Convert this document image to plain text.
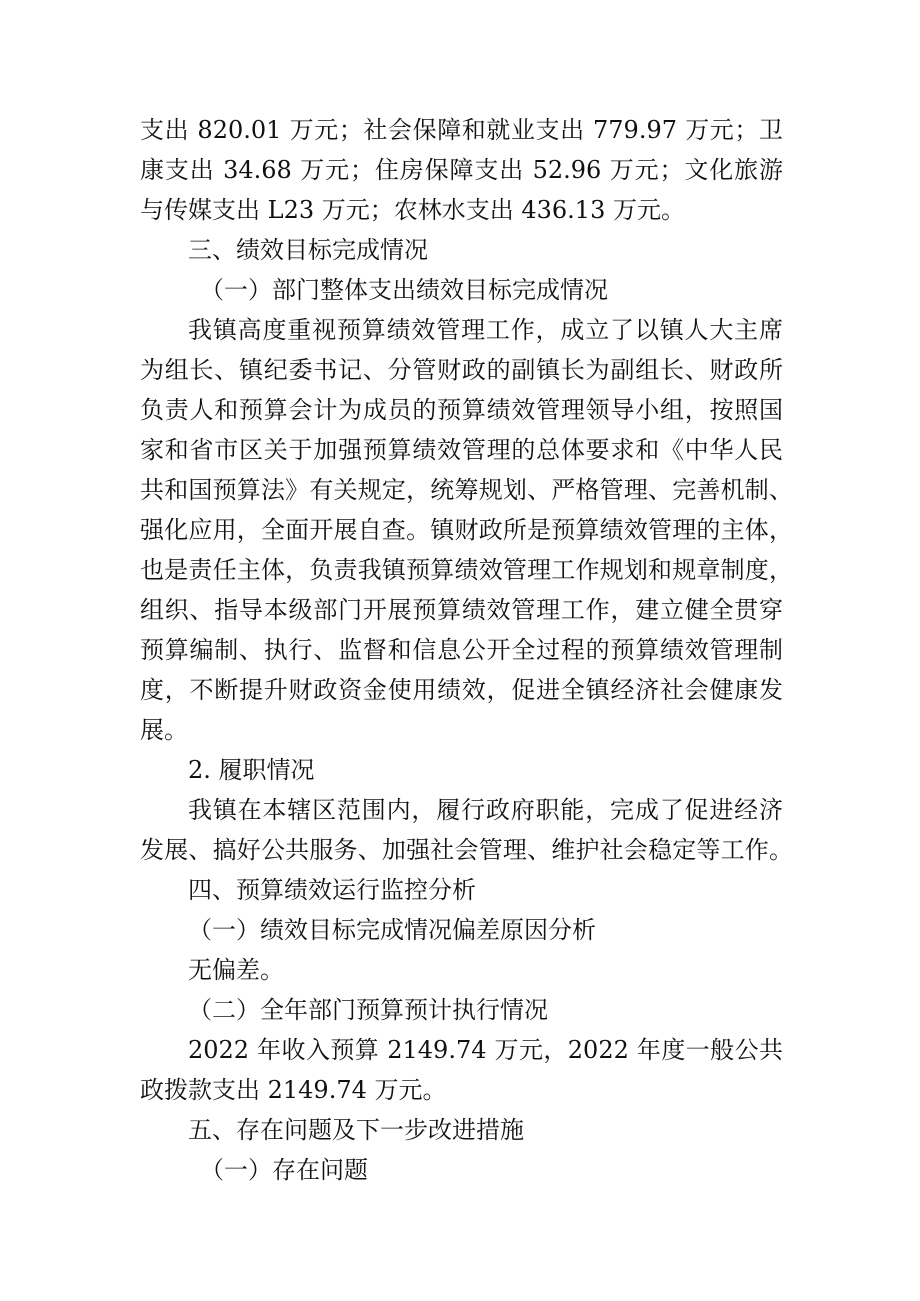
支出 820.01 万元；社会保障和就业支出 779.97 万元；卫
康支出 34.68 万元；住房保障支出 52.96 万元；文化旅游
与传媒支出 L23 万元；农林水支出 436.13 万元。
三、绩效目标完成情况
（一）部门整体支出绩效目标完成情况
我镇高度重视预算绩效管理工作，成立了以镇人大主席
为组长、镇纪委书记、分管财政的副镇长为副组长、财政所
负责人和预算会计为成员的预算绩效管理领导小组，按照国
家和省市区关于加强预算绩效管理的总体要求和《中华人民
共和国预算法》有关规定，统筹规划、严格管理、完善机制、
强化应用，全面开展自查。镇财政所是预算绩效管理的主体，
也是责任主体，负责我镇预算绩效管理工作规划和规章制度，
组织、指导本级部门开展预算绩效管理工作，建立健全贯穿
预算编制、执行、监督和信息公开全过程的预算绩效管理制
度，不断提升财政资金使用绩效，促进全镇经济社会健康发
展。
2. 履职情况
我镇在本辖区范围内，履行政府职能，完成了促进经济
发展、搞好公共服务、加强社会管理、维护社会稳定等工作。
四、预算绩效运行监控分析
（一）绩效目标完成情况偏差原因分析
无偏差。
（二）全年部门预算预计执行情况
2022 年收入预算 2149.74 万元，2022 年度一般公共
政拨款支出 2149.74 万元。
五、存在问题及下一步改进措施
（一）存在问题
